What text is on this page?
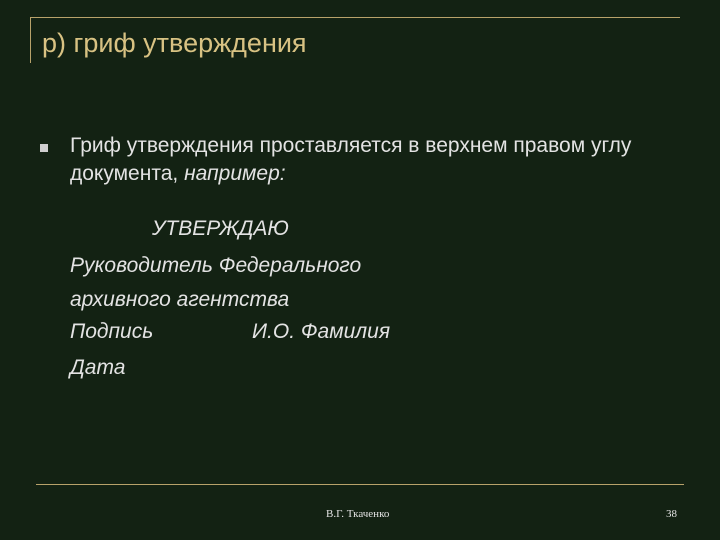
р) гриф утверждения
Гриф утверждения проставляется в верхнем правом углу документа, например:
УТВЕРЖДАЮ
Руководитель Федерального
архивного агентства
Подпись	И.О. Фамилия
Дата
В.Г. Ткаченко	38
